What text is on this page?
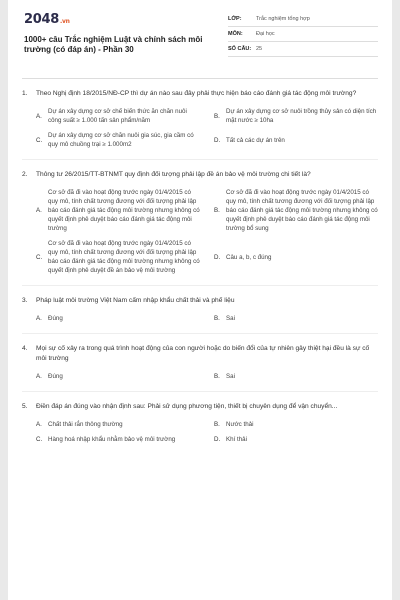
2048.vn
1000+ câu Trắc nghiệm Luật và chính sách môi trường (có đáp án) - Phần 30
LỚP:	Trắc nghiệm tổng hợp
MÔN:	Đại học
SỐ CÂU: 25
1.	Theo Nghị định 18/2015/NĐ-CP thì dự án nào sau đây phải thực hiện báo cáo đánh giá tác động môi trường?
A.
Dự án xây dựng cơ sở chế biến thức ăn chăn nuôi công suất ≥ 1.000 tấn sản phẩm/năm
B.
Dự án xây dựng cơ sở nuôi trồng thủy sản có diện tích mặt nước ≥ 10ha
C.
Dự án xây dựng cơ sở chăn nuôi gia súc, gia cầm có quy mô chuồng trại ≥ 1.000m2
D. Tất cả các dự án trên
2.	Thông tư 26/2015/TT-BTNMT quy định đối tượng phải lập đề án bảo vệ môi trường chi tiết là?
A.
Cơ sở đã đi vào hoạt động trước ngày 01/4/2015 có quy mô, tính chất tương đương với đối tượng phải lập báo cáo đánh giá tác động môi trường nhưng không có quyết định phê duyệt báo cáo đánh giá tác động môi trường
B.
Cơ sở đã đi vào hoạt động trước ngày 01/4/2015 có quy mô, tính chất tương đương với đối tượng phải lập báo cáo đánh giá tác động môi trường nhưng không có quyết định phê duyệt báo cáo đánh giá tác động môi trường bổ sung
C.
Cơ sở đã đi vào hoạt động trước ngày 01/4/2015 có quy mô, tính chất tương đương với đối tượng phải lập báo cáo đánh giá tác động môi trường nhưng không có quyết định phê duyệt đề án bảo vệ môi trường
D. Câu a, b, c đúng
3.	Pháp luật môi trường Việt Nam cấm nhập khẩu chất thải và phế liệu
A. Đúng	B. Sai
4.	Mọi sự cố xảy ra trong quá trình hoạt động của con người hoặc do biến đổi của tự nhiên gây thiệt hại đều là sự cố môi trường
A. Đúng	B. Sai
5.	Điền đáp án đúng vào nhận định sau: Phải sử dụng phương tiện, thiết bị chuyên dụng để vận chuyển...
A. Chất thải rắn thông thường	B. Nước thải
C. Hàng hoá nhập khẩu nhằm bảo vệ môi trường	D. Khí thải
